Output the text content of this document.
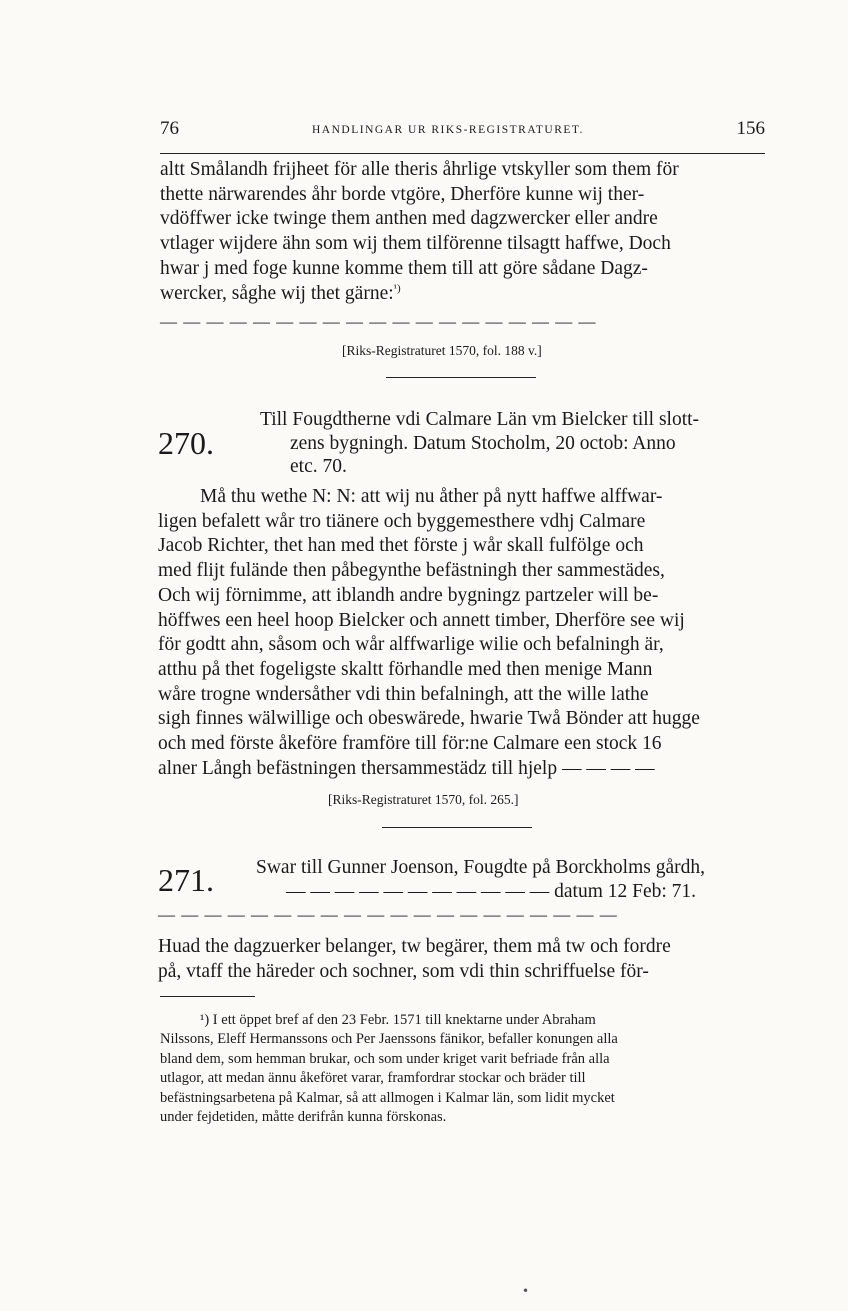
76	HANDLINGAR UR RIKS-REGISTRATURET.	156
altt Smålandh frijheet för alle theris åhrlige vtskyller som them för
thette närwarendes åhr borde vtgöre, Dherföre kunne wij ther-
vdöffwer icke twinge them anthen med dagzwercker eller andre
vtlager wijdere ähn som wij them tilförenne tilsagtt haffwe, Doch
hwar j med foge kunne komme them till att göre sådane Dagz-
wercker, såghe wij thet gärne:$^{^1)}$
— — — — — — — — — — — — — — — — — — —
[Riks-Registraturet 1570, fol. 188 v.]
270.
Till Fougdtherne vdi Calmare Län vm Bielcker till slott-
zens bygningh. Datum Stocholm, 20 octob: Anno
etc. 70.
Må thu wethe N: N: att wij nu åther på nytt haffwe alffwar-
ligen befalett wår tro tiänere och byggemesthere vdhj Calmare
Jacob Richter, thet han med thet förste j wår skall fulfölge och
med flijt fulände then påbegynthe befästningh ther sammestädes,
Och wij förnimme, att iblandh andre bygningz partzeler will be-
höffwes een heel hoop Bielcker och annett timber, Dherföre see wij
för godtt ahn, såsom och wår alffwarlige wilie och befalningh är,
atthu på thet fogeligste skaltt förhandle med then menige Mann
wåre trogne wndersåther vdi thin befalningh, att the wille lathe
sigh finnes wälwillige och obeswärede, hwarie Twå Bönder att hugge
och med förste åkeföre framföre till för:ne Calmare een stock 16
alner Långh befästningen thersammestädz till hjelp — — — —
[Riks-Registraturet 1570, fol. 265.]
271. Swar till Gunner Joenson, Fougdte på Borckholms gårdh,
— — — — — — — — — — — datum 12 Feb: 71.
— — — — — — — — — — — — — — — — — — — —
Huad the dagzuerker belanger, tw begärer, them må tw och fordre
på, vtaff the häreder och sochner, som vdi thin schriffuelse för-
¹) I ett öppet bref af den 23 Febr. 1571 till knektarne under Abraham
Nilssons, Eleff Hermanssons och Per Jaenssons fänikor, befaller konungen alla
bland dem, som hemman brukar, och som under kriget varit befriade från alla
utlagor, att medan ännu åkeföret varar, framfordrar stockar och bräder till
befästningsarbetena på Kalmar, så att allmogen i Kalmar län, som lidit mycket
under fejdetiden, måtte derifrån kunna förskonas.
•
